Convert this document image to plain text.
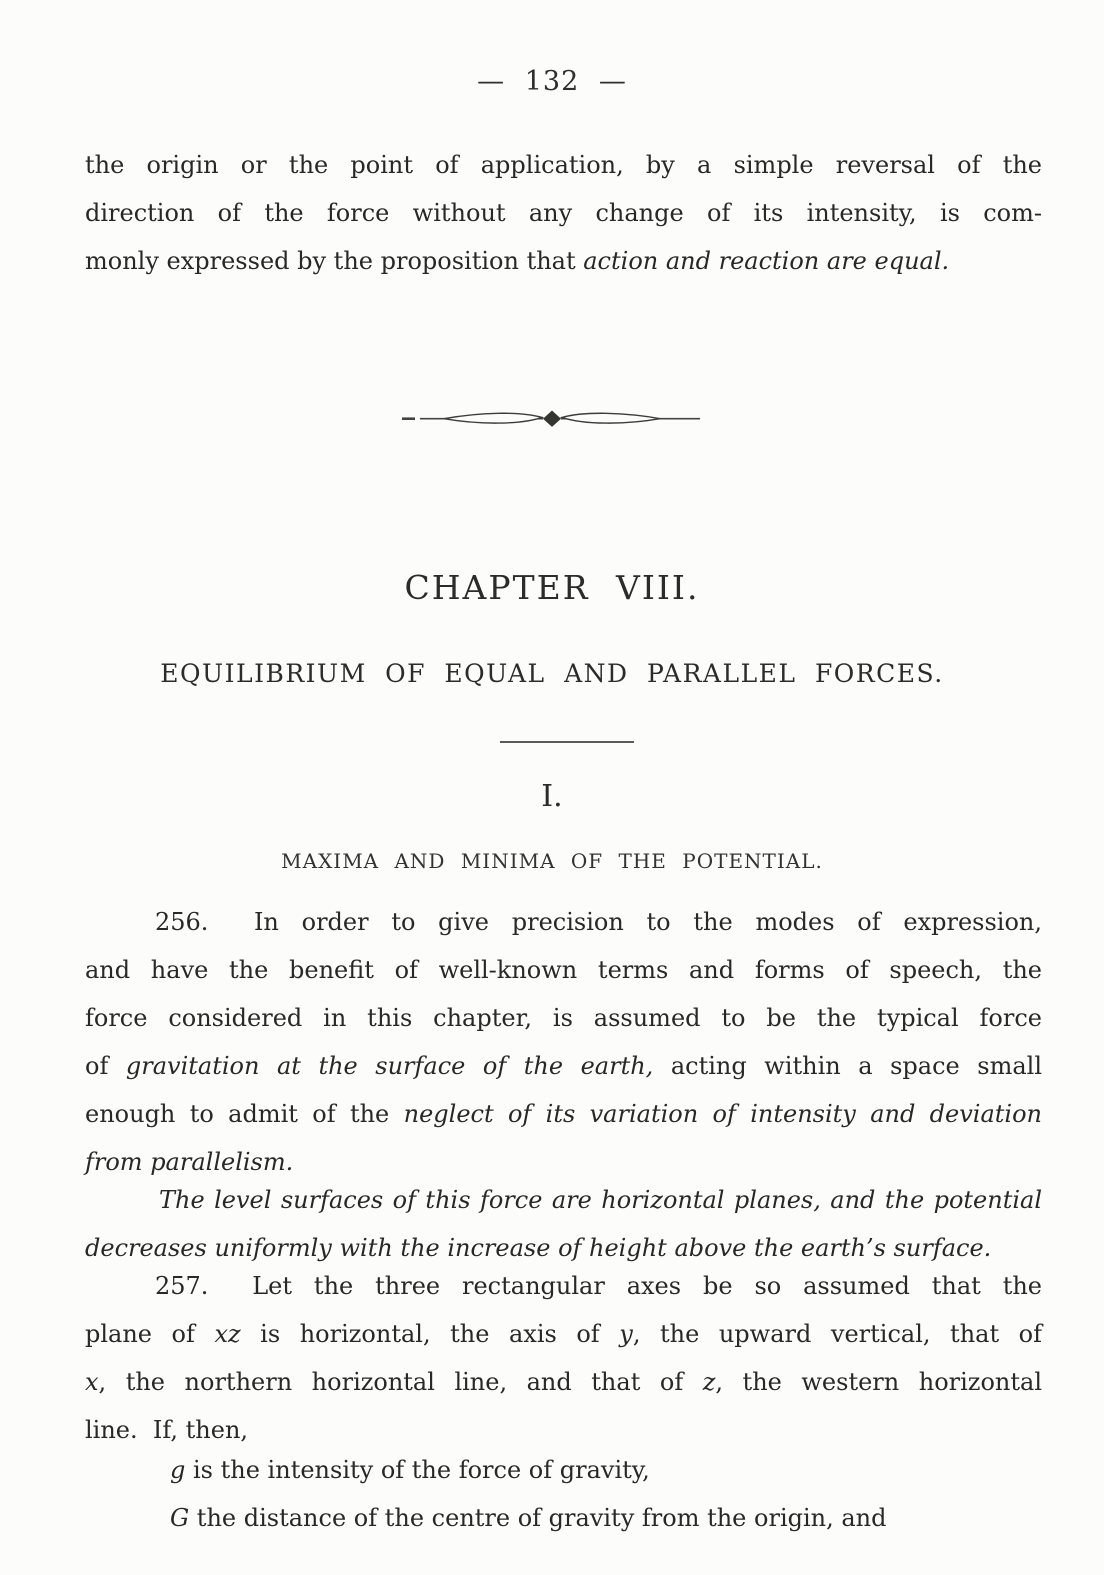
— 132 —
the origin or the point of application, by a simple reversal of the
direction of the force without any change of its intensity, is com-
monly expressed by the proposition that action and reaction are equal.
CHAPTER VIII.
EQUILIBRIUM OF EQUAL AND PARALLEL FORCES.
I.
MAXIMA AND MINIMA OF THE POTENTIAL.
256.  In order to give precision to the modes of expression,
and have the benefit of well-known terms and forms of speech, the
force considered in this chapter, is assumed to be the typical force
of gravitation at the surface of the earth, acting within a space small
enough to admit of the neglect of its variation of intensity and deviation
from parallelism.
The level surfaces of this force are horizontal planes, and the potential
decreases uniformly with the increase of height above the earth’s surface.
257.  Let the three rectangular axes be so assumed that the
plane of xz is horizontal, the axis of y, the upward vertical, that of
x, the northern horizontal line, and that of z, the western horizontal
line.  If, then,
g is the intensity of the force of gravity,
G the distance of the centre of gravity from the origin, and
